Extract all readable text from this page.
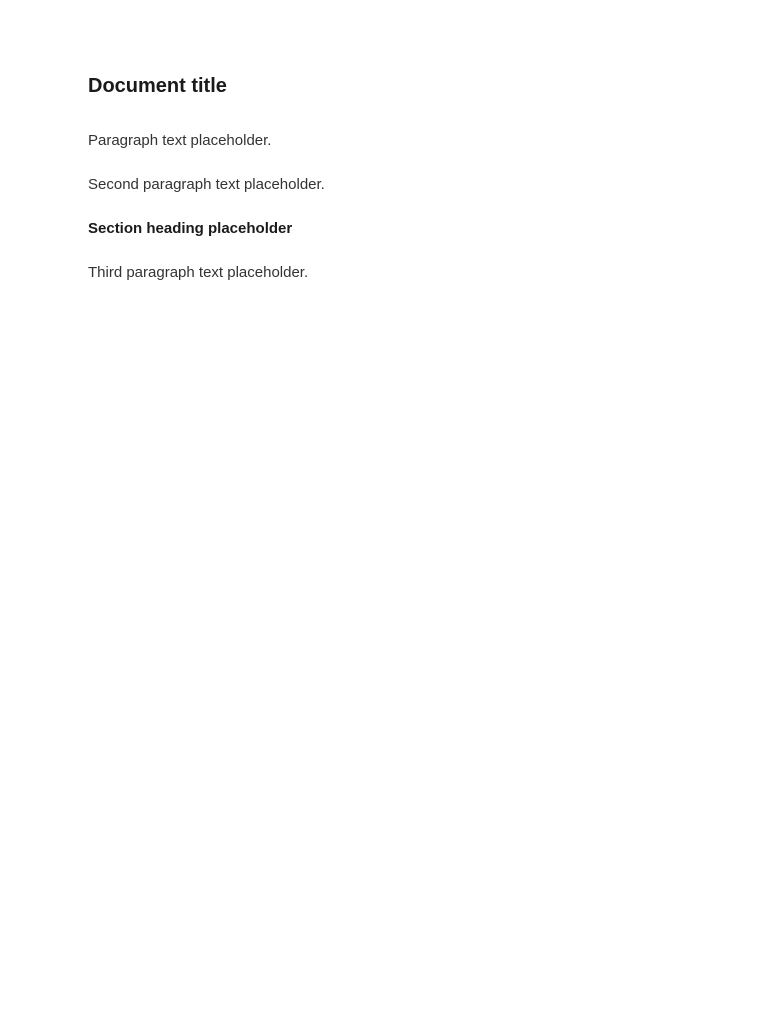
Document title

Paragraph text placeholder.

Second paragraph text placeholder.

Section heading placeholder

Third paragraph text placeholder.
